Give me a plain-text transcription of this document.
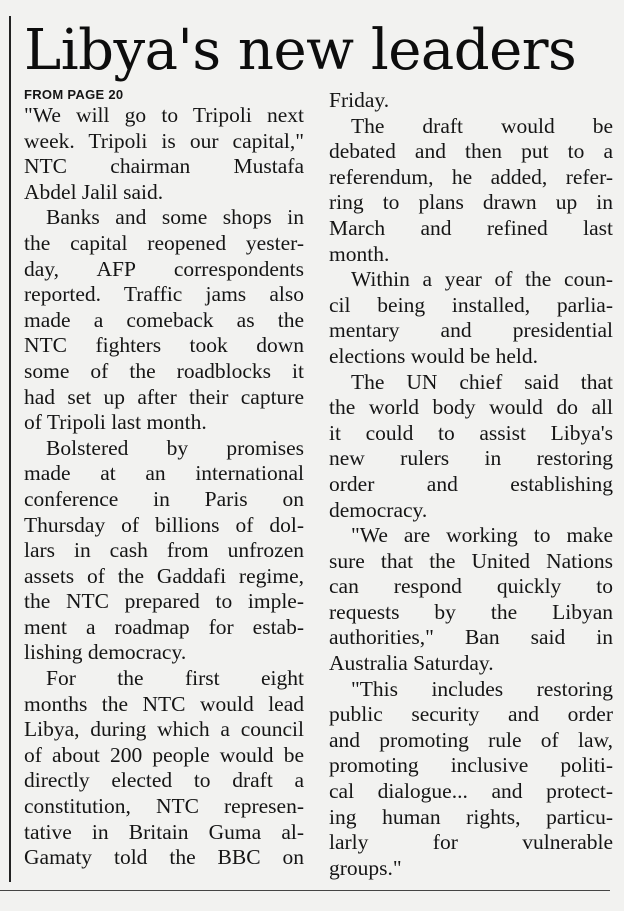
Libya's new leaders
FROM PAGE 20
"We will go to Tripoli next
week. Tripoli is our capital,"
NTC chairman Mustafa
Abdel Jalil said.
Banks and some shops in
the capital reopened yester-
day, AFP correspondents
reported. Traffic jams also
made a comeback as the
NTC fighters took down
some of the roadblocks it
had set up after their capture
of Tripoli last month.
Bolstered by promises
made at an international
conference in Paris on
Thursday of billions of dol-
lars in cash from unfrozen
assets of the Gaddafi regime,
the NTC prepared to imple-
ment a roadmap for estab-
lishing democracy.
For the first eight
months the NTC would lead
Libya, during which a council
of about 200 people would be
directly elected to draft a
constitution, NTC represen-
tative in Britain Guma al-
Gamaty told the BBC on
Friday.
The draft would be
debated and then put to a
referendum, he added, refer-
ring to plans drawn up in
March and refined last
month.
Within a year of the coun-
cil being installed, parlia-
mentary and presidential
elections would be held.
The UN chief said that
the world body would do all
it could to assist Libya's
new rulers in restoring
order and establishing
democracy.
"We are working to make
sure that the United Nations
can respond quickly to
requests by the Libyan
authorities," Ban said in
Australia Saturday.
"This includes restoring
public security and order
and promoting rule of law,
promoting inclusive politi-
cal dialogue... and protect-
ing human rights, particu-
larly for vulnerable
groups."
